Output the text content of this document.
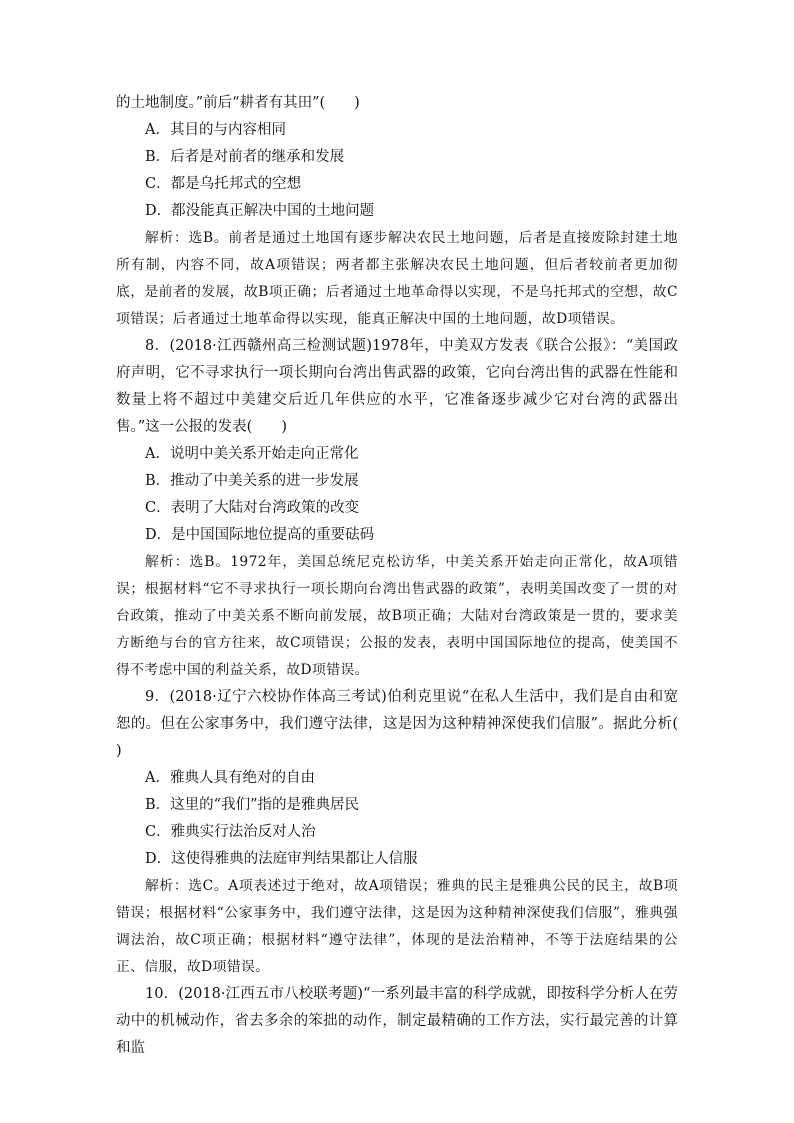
的土地制度。”前后“耕者有其田”(　　)

A．其目的与内容相同

B．后者是对前者的继承和发展

C．都是乌托邦式的空想

D．都没能真正解决中国的土地问题

解析：选B。前者是通过土地国有逐步解决农民土地问题，后者是直接废除封建土地所有制，内容不同，故A项错误；两者都主张解决农民土地问题，但后者较前者更加彻底，是前者的发展，故B项正确；后者通过土地革命得以实现，不是乌托邦式的空想，故C项错误；后者通过土地革命得以实现，能真正解决中国的土地问题，故D项错误。

8．(2018·江西赣州高三检测试题)1978年，中美双方发表《联合公报》：“美国政府声明，它不寻求执行一项长期向台湾出售武器的政策，它向台湾出售的武器在性能和数量上将不超过中美建交后近几年供应的水平，它准备逐步减少它对台湾的武器出售。”这一公报的发表(　　)

A．说明中美关系开始走向正常化

B．推动了中美关系的进一步发展

C．表明了大陆对台湾政策的改变

D．是中国国际地位提高的重要砝码

解析：选B。1972年，美国总统尼克松访华，中美关系开始走向正常化，故A项错误；根据材料“它不寻求执行一项长期向台湾出售武器的政策”，表明美国改变了一贯的对台政策，推动了中美关系不断向前发展，故B项正确；大陆对台湾政策是一贯的，要求美方断绝与台的官方往来，故C项错误；公报的发表，表明中国国际地位的提高，使美国不得不考虑中国的利益关系，故D项错误。

9．(2018·辽宁六校协作体高三考试)伯利克里说“在私人生活中，我们是自由和宽恕的。但在公家事务中，我们遵守法律，这是因为这种精神深使我们信服”。据此分析(　　)

A．雅典人具有绝对的自由

B．这里的“我们”指的是雅典居民

C．雅典实行法治反对人治

D．这使得雅典的法庭审判结果都让人信服

解析：选C。A项表述过于绝对，故A项错误；雅典的民主是雅典公民的民主，故B项错误；根据材料“公家事务中，我们遵守法律，这是因为这种精神深使我们信服”，雅典强调法治，故C项正确；根据材料“遵守法律”，体现的是法治精神，不等于法庭结果的公正、信服，故D项错误。

10．(2018·江西五市八校联考题)“一系列最丰富的科学成就，即按科学分析人在劳动中的机械动作，省去多余的笨拙的动作，制定最精确的工作方法，实行最完善的计算和监
